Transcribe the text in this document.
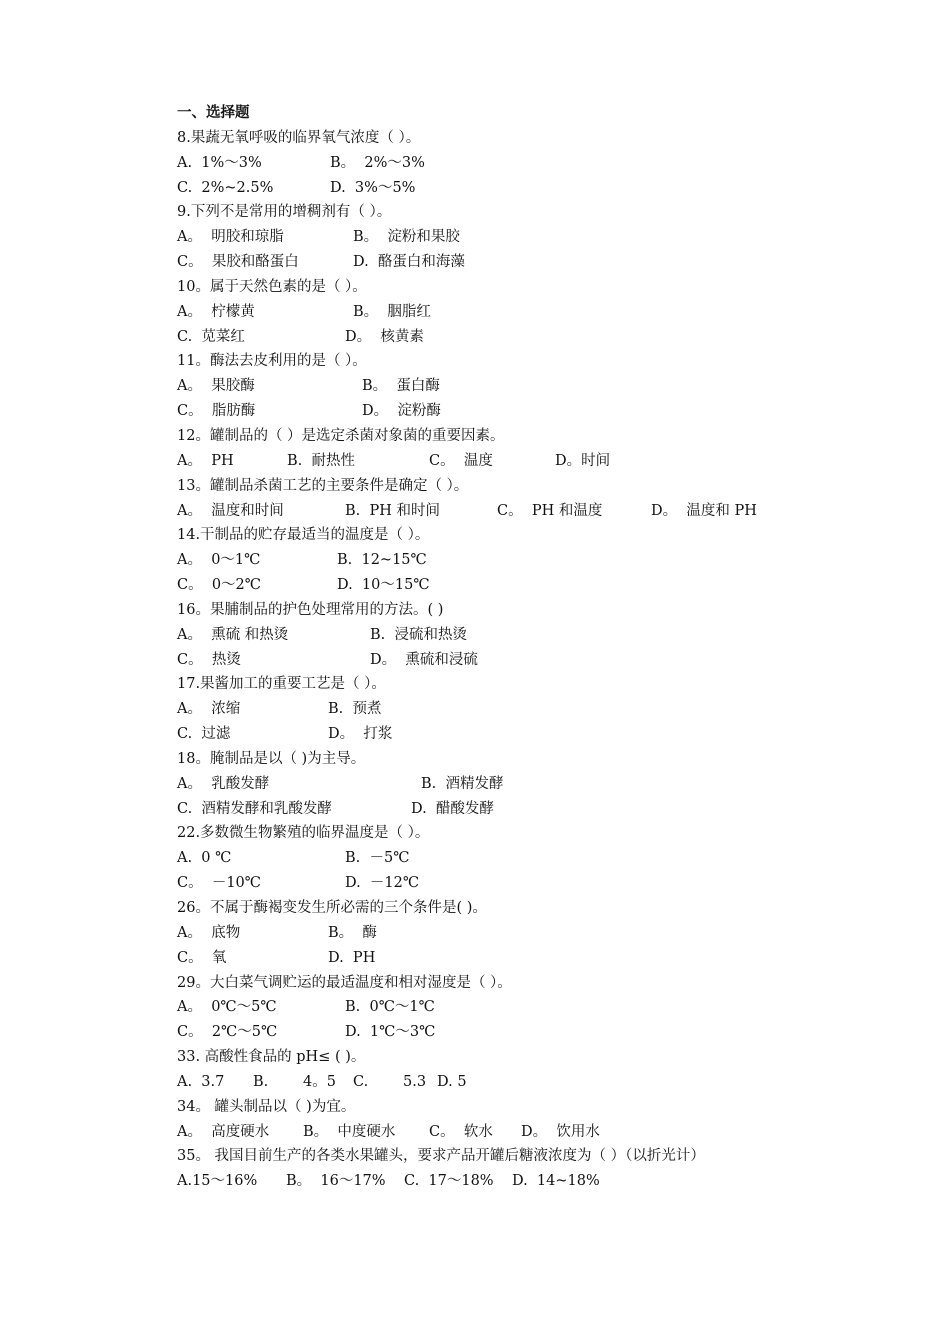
一、选择题
8.果蔬无氧呼吸的临界氧气浓度（ ）。
A.  1%～3%	B。  2%～3%
C.  2%~2.5%	D.  3%～5%
9.下列不是常用的增稠剂有（ ）。
A。  明胶和琼脂	B。  淀粉和果胶
C。  果胶和酪蛋白	D.  酪蛋白和海藻
10。属于天然色素的是（ ）。
A。  柠檬黄	B。  胭脂红
C.  苋菜红	D。  核黄素
11。酶法去皮利用的是（ ）。
A。  果胶酶	B。  蛋白酶
C。  脂肪酶	D。  淀粉酶
12。罐制品的（ ）是选定杀菌对象菌的重要因素。
A。  PH	B.  耐热性	C。  温度	D。时间
13。罐制品杀菌工艺的主要条件是确定（ ）。
A。  温度和时间	B.  PH 和时间	C。  PH 和温度	D。  温度和 PH
14.干制品的贮存最适当的温度是（ ）。
A。  0～1℃	B.  12~15℃
C。  0～2℃	D.  10～15℃
16。果脯制品的护色处理常用的方法。( )
A。  熏硫 和热烫	B.  浸硫和热烫
C。  热烫	D。  熏硫和浸硫
17.果酱加工的重要工艺是（ ）。
A。  浓缩	B.  预煮
C.  过滤	D。  打浆
18。腌制品是以（ )为主导。
A。  乳酸发酵	B.  酒精发酵
C.  酒精发酵和乳酸发酵	D.  醋酸发酵
22.多数微生物繁殖的临界温度是（ ）。
A.  0 ℃	B.  －5℃
C。  －10℃	D.  －12℃
26。不属于酶褐变发生所必需的三个条件是( )。
A。  底物	B。  酶
C。  氧	D.  PH
29。大白菜气调贮运的最适温度和相对湿度是（ ）。
A。  0℃～5℃	B.  0℃～1℃
C。  2℃～5℃	D.  1℃～3℃
33. 高酸性食品的 pH≤ ( )。
A.  3.7 B. 4。5 C. 5.3 D. 5
34。 罐头制品以（ )为宜。
A。  高度硬水 B。  中度硬水 C。  软水 D。  饮用水
35。 我国目前生产的各类水果罐头，要求产品开罐后糖液浓度为（ ）（以折光计）
A.15～16% B。  16～17% C.  17～18% D.  14~18%
